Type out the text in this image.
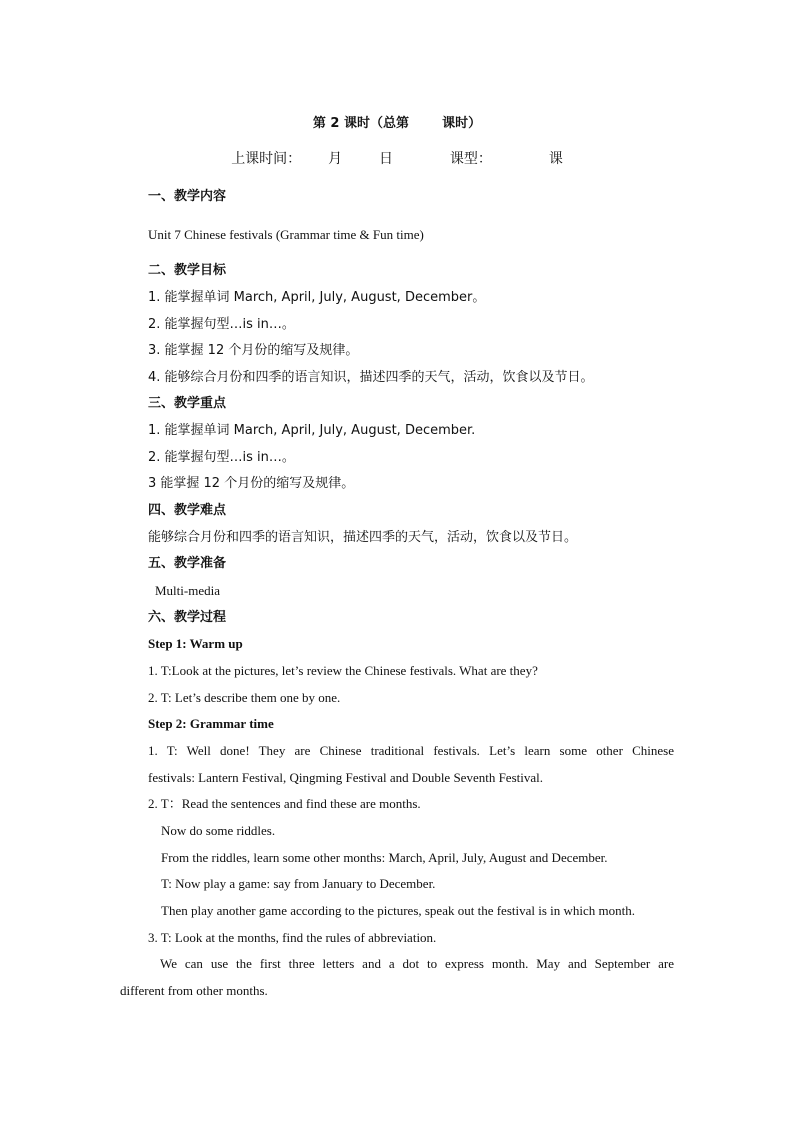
第 2 课时（总第	课时）
上课时间： 月	日	课型：	课
一、教学内容
Unit 7 Chinese festivals (Grammar time & Fun time)
二、教学目标
1. 能掌握单词 March, April, July, August, December。
2. 能掌握句型…is in…。
3. 能掌握 12 个月份的缩写及规律。
4. 能够综合月份和四季的语言知识，描述四季的天气，活动，饮食以及节日。
三、教学重点
1. 能掌握单词 March, April, July, August, December.
2. 能掌握句型…is in…。
3 能掌握 12 个月份的缩写及规律。
四、教学难点
能够综合月份和四季的语言知识，描述四季的天气，活动，饮食以及节日。
五、教学准备
Multi-media
六、教学过程
Step 1: Warm up
1. T:Look at the pictures, let’s review the Chinese festivals. What are they?
2. T: Let’s describe them one by one.
Step 2: Grammar time
1. T: Well done! They are Chinese traditional festivals. Let’s learn some other Chinese
festivals: Lantern Festival, Qingming Festival and Double Seventh Festival.
2. T：Read the sentences and find these are months.
Now do some riddles.
From the riddles, learn some other months: March, April, July, August and December.
T: Now play a game: say from January to December.
Then play another game according to the pictures, speak out the festival is in which month.
3. T: Look at the months, find the rules of abbreviation.
We can use the first three letters and a dot to express month. May and September are
different from other months.
